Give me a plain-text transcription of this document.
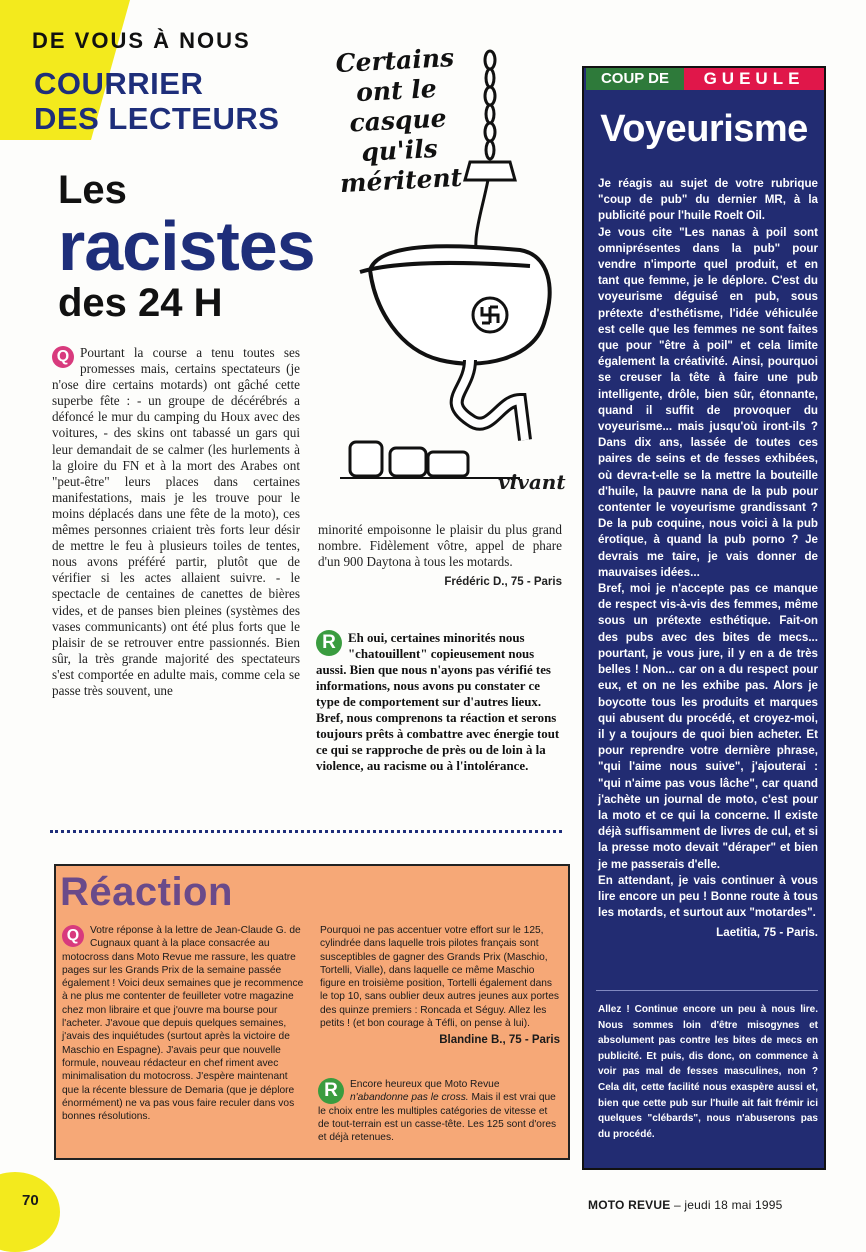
DE VOUS À NOUS
COURRIER
DES LECTEURS
Les
racistes
des 24 H
Certains ont le casque qu'ils méritent
vivant
Q Pourtant la course a tenu toutes ses promesses mais, certains spectateurs (je n'ose dire certains motards) ont gâché cette superbe fête : - un groupe de décérébrés a défoncé le mur du camping du Houx avec des voitures, - des skins ont tabassé un gars qui leur demandait de se calmer (les hurlements à la gloire du FN et à la mort des Arabes ont "peut-être" leurs places dans certaines manifestations, mais je les trouve pour le moins déplacés dans une fête de la moto), ces mêmes personnes criaient très forts leur désir de mettre le feu à plusieurs toiles de tentes, nous avons préféré partir, plutôt que de vérifier si les actes allaient suivre. - le spectacle de centaines de canettes de bières vides, et de panses bien pleines (systèmes des vases communicants) ont été plus forts que le plaisir de se retrouver entre passionnés. Bien sûr, la très grande majorité des spectateurs s'est comportée en adulte mais, comme cela se passe très souvent, une
minorité empoisonne le plaisir du plus grand nombre. Fidèlement vôtre, appel de phare d'un 900 Daytona à tous les motards.
Frédéric D., 75 - Paris
R Eh oui, certaines minorités nous "chatouillent" copieusement nous aussi. Bien que nous n'ayons pas vérifié tes informations, nous avons pu constater ce type de comportement sur d'autres lieux. Bref, nous comprenons ta réaction et serons toujours prêts à combattre avec énergie tout ce qui se rapproche de près ou de loin à la violence, au racisme ou à l'intolérance.
Réaction
Q	Votre réponse à la lettre de Jean-Claude G. de Cugnaux quant à la place consacrée au motocross dans Moto Revue me rassure, les quatre pages sur les Grands Prix de la semaine passée également ! Voici deux semaines que je recommence à ne plus me contenter de feuilleter votre magazine chez mon libraire et que j'ouvre ma bourse pour l'acheter. J'avoue que depuis quelques semaines, j'avais des inquiétudes (surtout après la victoire de Maschio en Espagne). J'avais peur que nouvelle formule, nouveau rédacteur en chef riment avec minimalisation du motocross. J'espère maintenant que la récente blessure de Demaria (que je déplore énormément) ne va pas vous faire reculer dans vos bonnes résolutions.
Pourquoi ne pas accentuer votre effort sur le 125, cylindrée dans laquelle trois pilotes français sont susceptibles de gagner des Grands Prix (Maschio, Tortelli, Vialle), dans laquelle ce même Maschio figure en troisième position, Tortelli également dans le top 10, sans oublier deux autres jeunes aux portes des quinze premiers : Roncada et Séguy. Allez les petits ! (et bon courage à Téfli, on pense à lui).
Blandine B., 75 - Paris
R	Encore heureux que Moto Revue n'abandonne pas le cross. Mais il est vrai que le choix entre les multiples catégories de vitesse et de tout-terrain est un casse-tête. Les 125 sont d'ores et déjà retenues.
COUP DE	GUEULE
Voyeurisme

Je réagis au sujet de votre rubrique "coup de pub" du dernier MR, à la publicité pour l'huile Roelt Oil.

Je vous cite "Les nanas à poil sont omniprésentes dans la pub" pour vendre n'importe quel produit, et en tant que femme, je le déplore. C'est du voyeurisme déguisé en pub, sous prétexte d'esthétisme, l'idée véhiculée est celle que les femmes ne sont faites que pour "être à poil" et cela limite également la créativité. Ainsi, pourquoi se creuser la tête à faire une pub intelligente, drôle, bien sûr, étonnante, quand il suffit de provoquer du voyeurisme... mais jusqu'où iront-ils ? Dans dix ans, lassée de toutes ces paires de seins et de fesses exhibées, où devra-t-elle se la mettre la bouteille d'huile, la pauvre nana de la pub pour contenter le voyeurisme grandissant ? De la pub coquine, nous voici à la pub érotique, à quand la pub porno ? Je devrais me taire, je vais donner de mauvaises idées...

Bref, moi je n'accepte pas ce manque de respect vis-à-vis des femmes, même sous un prétexte esthétique. Fait-on des pubs avec des bites de mecs... pourtant, je vous jure, il y en a de très belles ! Non... car on a du respect pour eux, et on ne les exhibe pas. Alors je boycotte tous les produits et marques qui abusent du procédé, et croyez-moi, il y a toujours de quoi bien acheter. Et pour reprendre votre dernière phrase, "qui l'aime nous suive", j'ajouterai : "qui n'aime pas vous lâche", car quand j'achète un journal de moto, c'est pour la moto et ce qui la concerne. Il existe déjà suffisamment de livres de cul, et si la presse moto devait "déraper" et bien je me passerais d'elle.

En attendant, je vais continuer à vous lire encore un peu ! Bonne route à tous les motards, et surtout aux "motardes".

Laetitia, 75 - Paris.
Allez ! Continue encore un peu à nous lire. Nous sommes loin d'être misogynes et absolument pas contre les bites de mecs en publicité. Et puis, dis donc, on commence à voir pas mal de fesses masculines, non ? Cela dit, cette facilité nous exaspère aussi et, bien que cette pub sur l'huile ait fait frémir ici quelques "clébards", nous n'abuserons pas du procédé.
70	MOTO REVUE – jeudi 18 mai 1995
